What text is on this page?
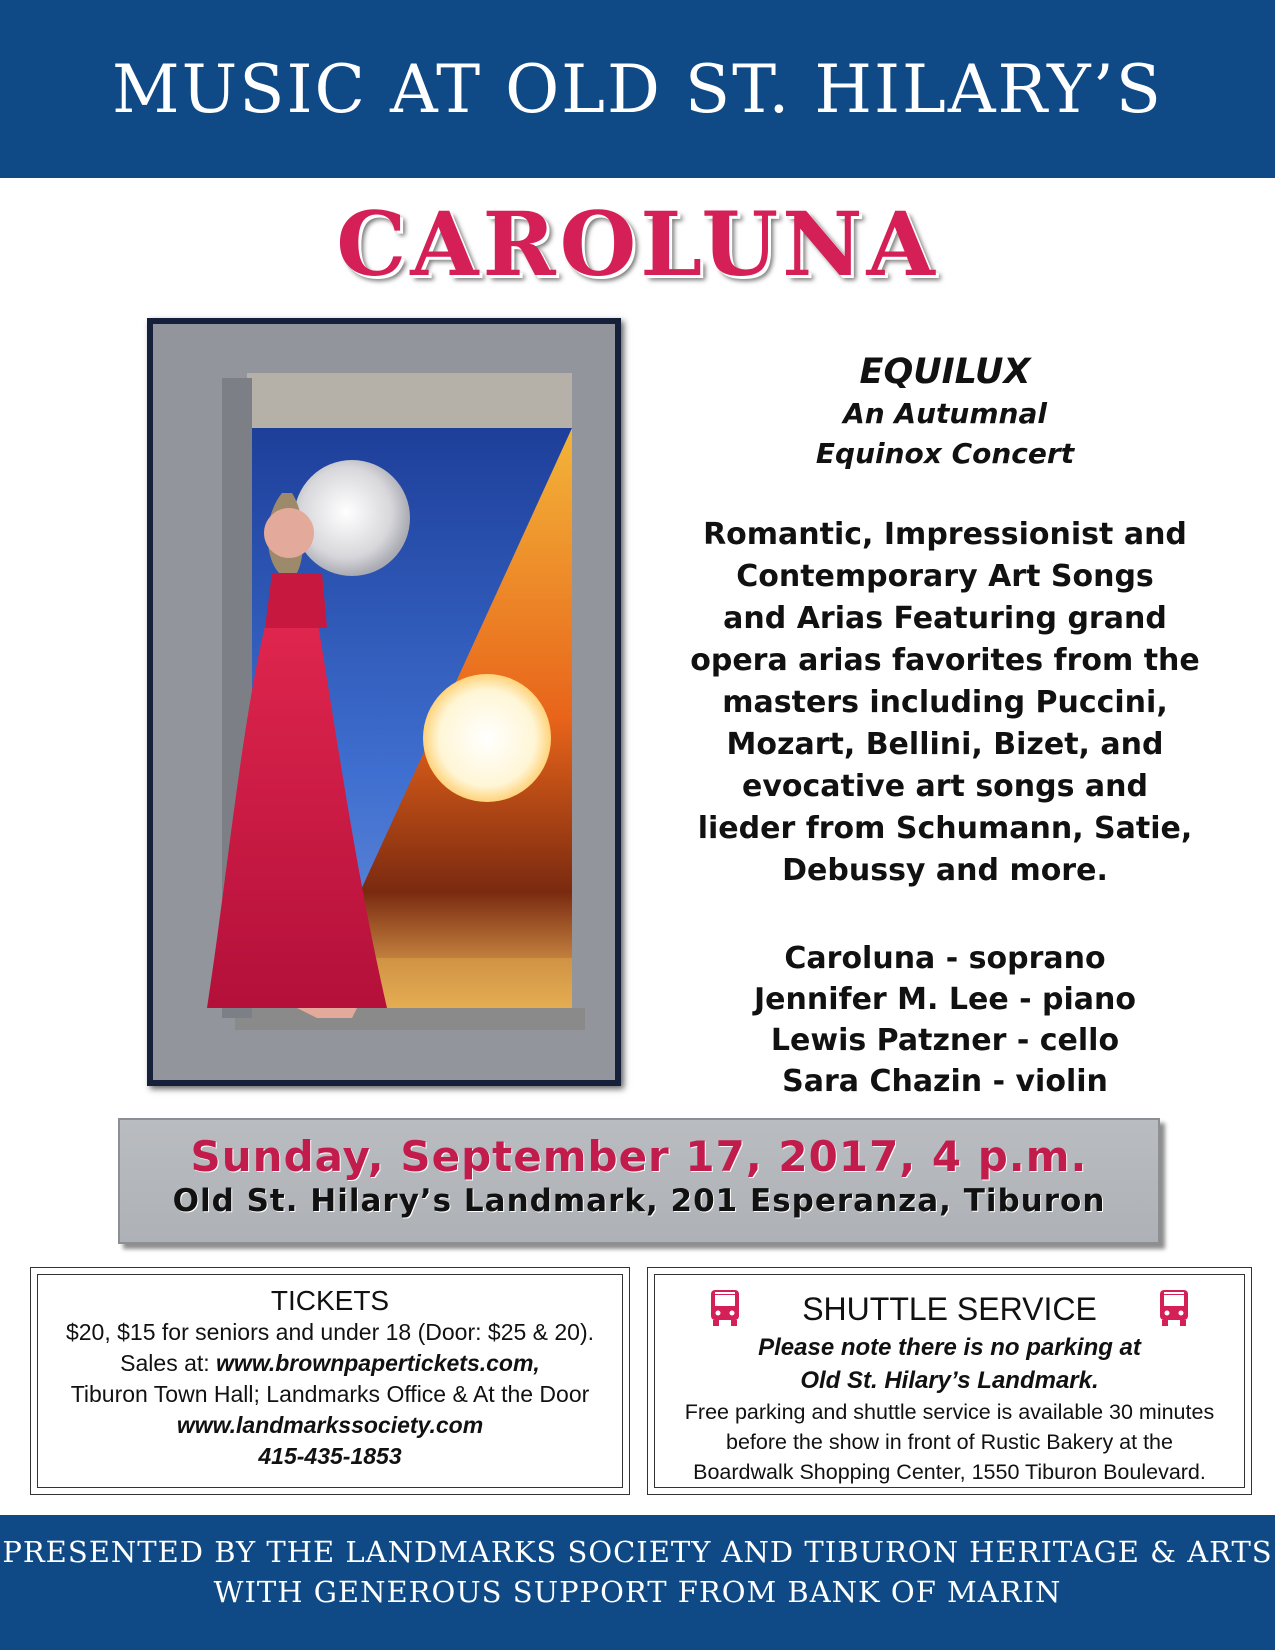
MUSIC AT OLD ST. HILARY’S
CAROLUNA
EQUILUX
An Autumnal Equinox Concert
Romantic, Impressionist and
Contemporary Art Songs
and Arias Featuring grand
opera arias favorites from the
masters including Puccini,
Mozart, Bellini, Bizet, and
evocative art songs and
lieder from Schumann, Satie,
Debussy and more.
Caroluna - soprano
Jennifer M. Lee - piano
Lewis Patzner - cello
Sara Chazin - violin
Sunday, September 17, 2017, 4 p.m.
Old St. Hilary’s Landmark, 201 Esperanza, Tiburon
TICKETS
$20, $15 for seniors and under 18 (Door: $25 & 20).
Sales at: www.brownpapertickets.com,
Tiburon Town Hall; Landmarks Office & At the Door
www.landmarkssociety.com
415-435-1853
SHUTTLE SERVICE
Please note there is no parking at
Old St. Hilary’s Landmark.
Free parking and shuttle service is available 30 minutes
before the show in front of Rustic Bakery at the
Boardwalk Shopping Center, 1550 Tiburon Boulevard.
PRESENTED BY THE LANDMARKS SOCIETY AND TIBURON HERITAGE & ARTS
WITH GENEROUS SUPPORT FROM BANK OF MARIN
